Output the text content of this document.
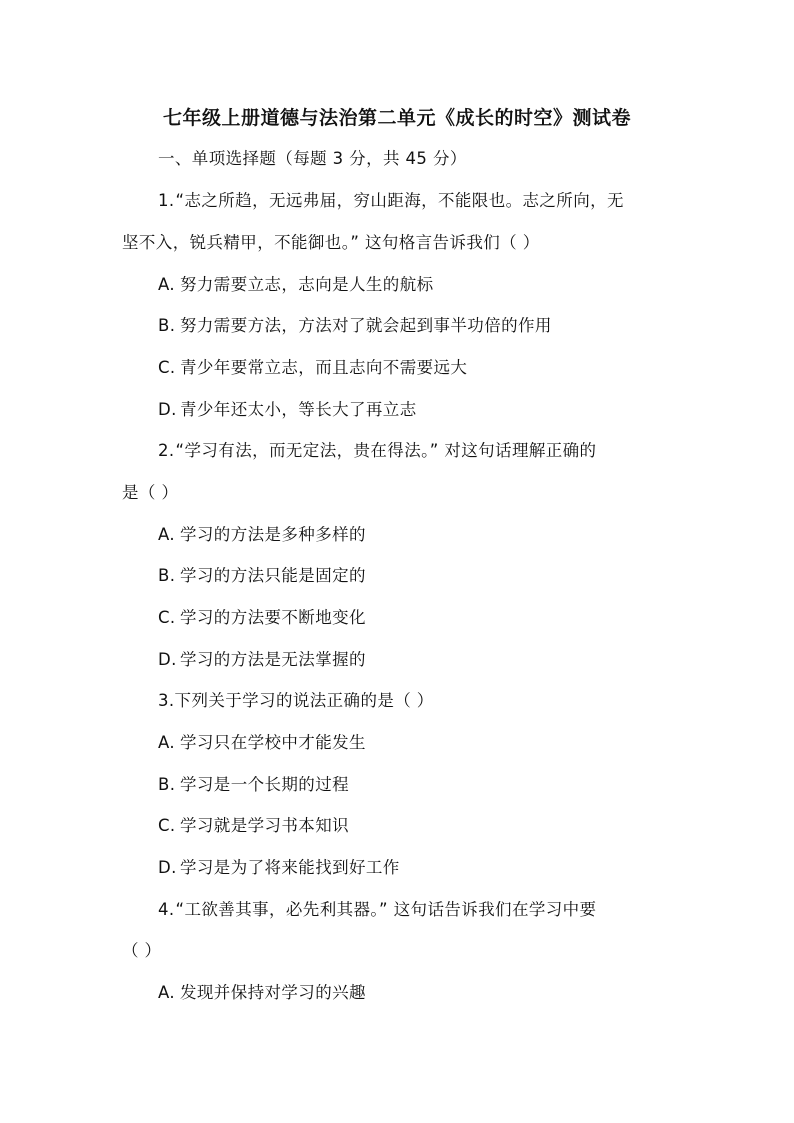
七年级上册道德与法治第二单元《成长的时空》测试卷
一、单项选择题（每题 3 分，共 45 分）
1.“志之所趋，无远弗届，穷山距海，不能限也。志之所向，无
坚不入，锐兵精甲，不能御也。” 这句格言告诉我们（ ）
A. 努力需要立志，志向是人生的航标
B. 努力需要方法，方法对了就会起到事半功倍的作用
C. 青少年要常立志，而且志向不需要远大
D. 青少年还太小，等长大了再立志
2.“学习有法，而无定法，贵在得法。” 对这句话理解正确的
是（ ）
A. 学习的方法是多种多样的
B. 学习的方法只能是固定的
C. 学习的方法要不断地变化
D. 学习的方法是无法掌握的
3.下列关于学习的说法正确的是（ ）
A. 学习只在学校中才能发生
B. 学习是一个长期的过程
C. 学习就是学习书本知识
D. 学习是为了将来能找到好工作
4.“工欲善其事，必先利其器。” 这句话告诉我们在学习中要
（ ）
A. 发现并保持对学习的兴趣
